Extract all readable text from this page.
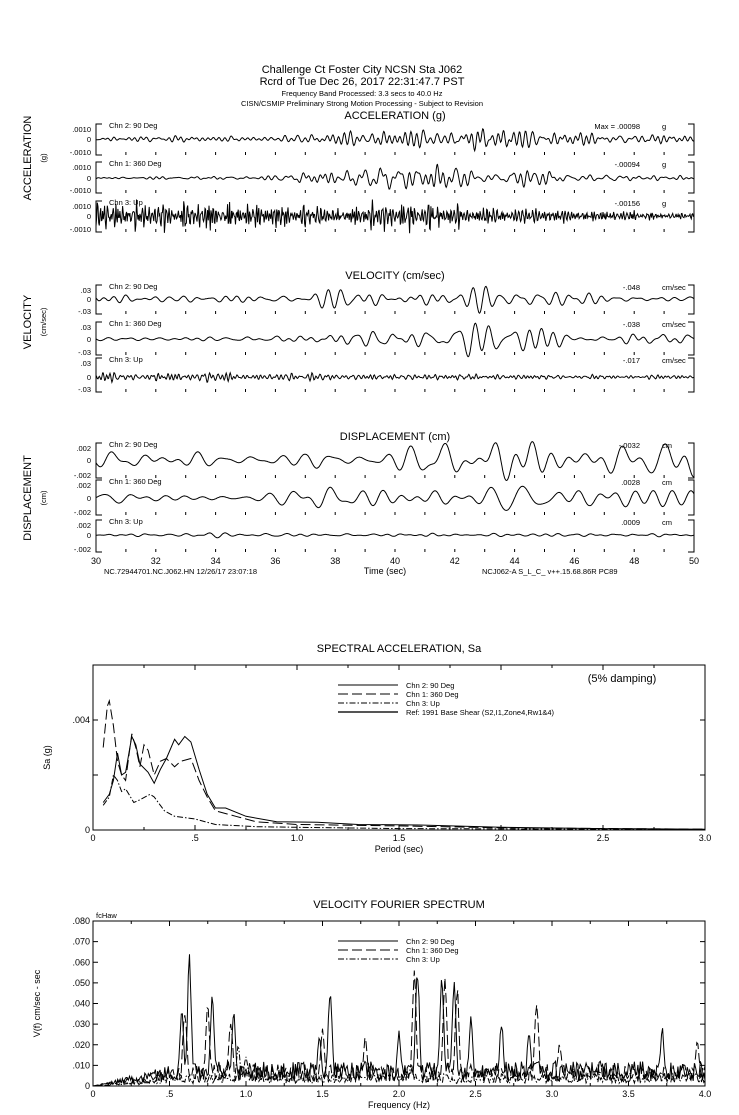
Challenge Ct Foster City NCSN Sta J062
Rcrd of Tue Dec 26, 2017 22:31:47.7 PST
Frequency Band Processed: 3.3 secs to 40.0 Hz
CISN/CSMIP Preliminary Strong Motion Processing - Subject to Revision
ACCELERATION (g)
ACCELERATION (g)
.0010
0
-.0010
Chn 2: 90 Deg	Max = .00098	g
.0010
0
-.0010
Chn 1: 360 Deg	-.00094	g
.0010
0
-.0010
Chn 3: Up	-.00156	g
VELOCITY (cm/sec)
VELOCITY (cm/sec)
.03
0
-.03
Chn 2: 90 Deg	-.048	cm/sec
.03
0
-.03
Chn 1: 360 Deg	-.038	cm/sec
.03
0
-.03
Chn 3: Up	-.017	cm/sec
DISPLACEMENT (cm)
DISPLACEMENT (cm)
.002
0
-.002
Chn 2: 90 Deg	-.0032	cm
.002
0
-.002
Chn 1: 360 Deg	.0028	cm
.002
0
-.002
Chn 3: Up	.0009	cm
30	32	34	36	38	40	42	44	46	48	50
Time (sec)
NC.72944701.NC.J062.HN 12/26/17 23:07:18	NCJ062-A S_L_C_ v++.15.68.86R PC89
SPECTRAL ACCELERATION, Sa
0	.5	1.0	1.5	2.0	2.5	3.0
Period (sec)
0
.004
Chn 2: 90 Deg
Chn 1: 360 Deg
Chn 3: Up
Ref: 1991 Base Shear (S2,I1,Zone4,Rw1&4)
(5% damping)
Sa (g)
VELOCITY FOURIER SPECTRUM
0	.5	1.0	1.5	2.0	2.5	3.0	3.5	4.0
Frequency (Hz)
0
.010
.020
.030
.040
.050
.060
.070
.080
Chn 2: 90 Deg
Chn 1: 360 Deg
Chn 3: Up
fcHaw
V(f) cm/sec - sec
